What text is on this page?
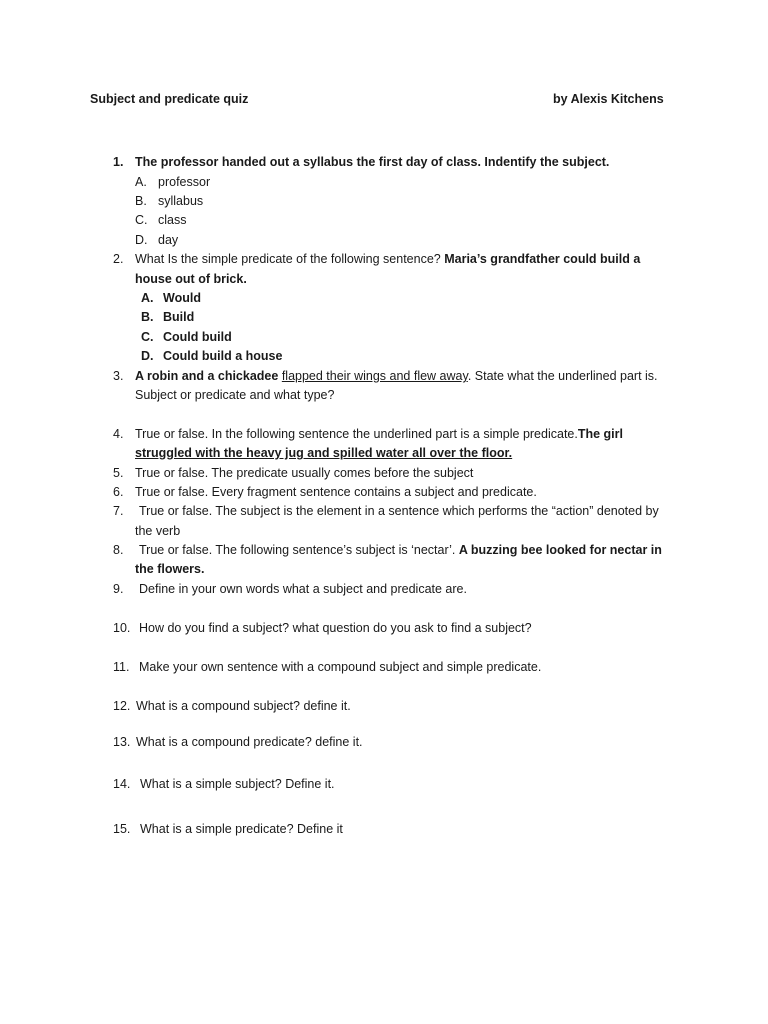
Subject and predicate quiz	by Alexis Kitchens
1. The professor handed out a syllabus the first day of class. Indentify the subject.
A. professor
B. syllabus
C. class
D. day
2. What Is the simple predicate of the following sentence? Maria’s grandfather could build a
house out of brick.
A. Would
B. Build
C. Could build
D. Could build a house
3. A robin and a chickadee flapped their wings and flew away. State what the underlined part is.
Subject or predicate and what type?
4. True or false. In the following sentence the underlined part is a simple predicate.The girl
struggled with the heavy jug and spilled water all over the floor.
5. True or false. The predicate usually comes before the subject
6. True or false. Every fragment sentence contains a subject and predicate.
7. True or false. The subject is the element in a sentence which performs the “action” denoted by
the verb
8. True or false. The following sentence’s subject is ‘nectar’. A buzzing bee looked for nectar in
the flowers.
9. Define in your own words what a subject and predicate are.
10. How do you find a subject? what question do you ask to find a subject?
11. Make your own sentence with a compound subject and simple predicate.
12. What is a compound subject? define it.
13. What is a compound predicate? define it.
14. What is a simple subject? Define it.
15. What is a simple predicate? Define it
